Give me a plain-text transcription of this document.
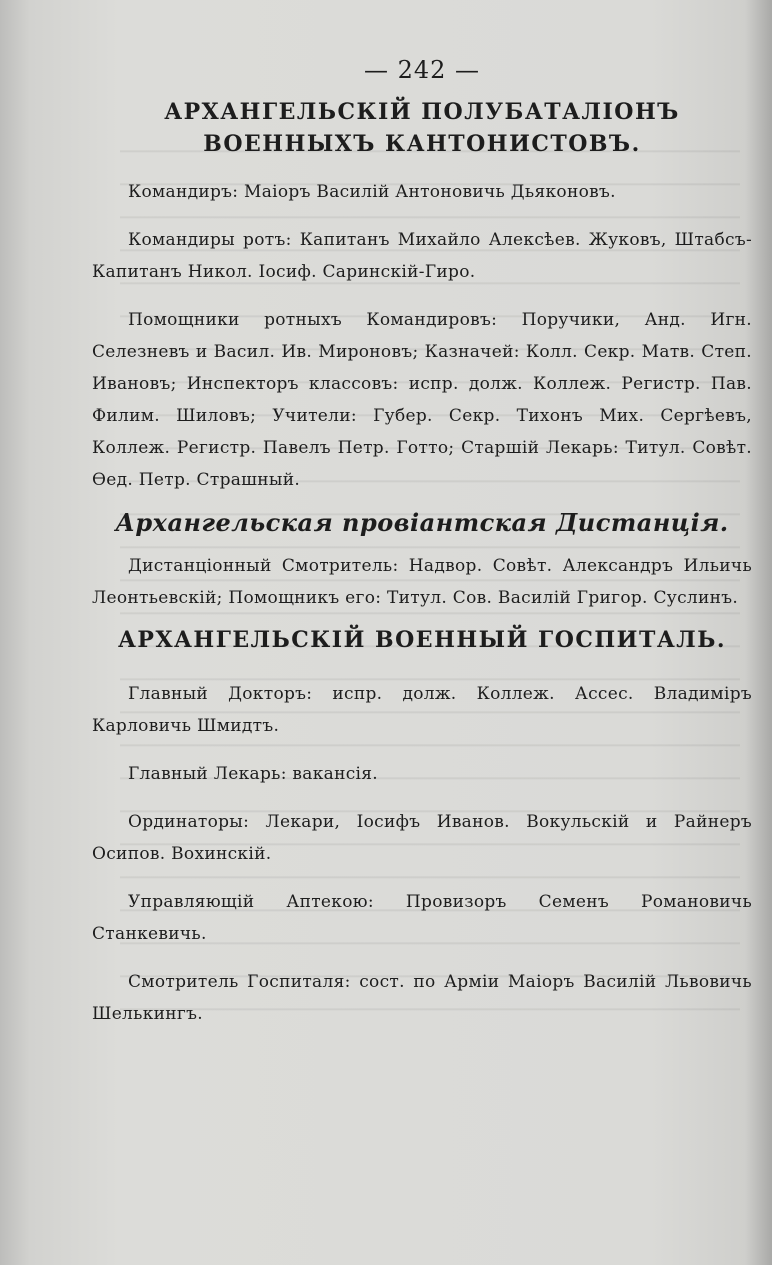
— 242 —
АРХАНГЕЛЬСКІЙ ПОЛУБАТАЛІОНЪ ВОЕННЫХЪ КАНТОНИСТОВЪ.

Командиръ: Маіоръ Василій Антоновичь Дьяконовъ.

Командиры ротъ: Капитанъ Михайло Алексѣев. Жуковъ, Штабсъ-Капитанъ Никол. Іосиф. Саринскій-Гиро.

Помощники ротныхъ Командировъ: Поручики, Анд. Игн. Селезневъ и Васил. Ив. Мироновъ; Казначей: Колл. Секр. Матв. Степ. Ивановъ; Инспекторъ классовъ: испр. долж. Коллеж. Регистр. Пав. Филим. Шиловъ; Учители: Губер. Секр. Тихонъ Мих. Сергѣевъ, Коллеж. Регистр. Павелъ Петр. Готто; Старшій Лекарь: Титул. Совѣт. Ѳед. Петр. Страшный.

Архангельская провіантская Дистанція.

Дистанціонный Смотритель: Надвор. Совѣт. Александръ Ильичь Леонтьевскій; Помощникъ его: Титул. Сов. Василій Григор. Суслинъ.

АРХАНГЕЛЬСКІЙ ВОЕННЫЙ ГОСПИТАЛЬ.

Главный Докторъ: испр. долж. Коллеж. Ассес. Владиміръ Карловичь Шмидтъ.

Главный Лекарь: вакансія.

Ординаторы: Лекари, Іосифъ Иванов. Вокульскій и Райнеръ Осипов. Вохинскій.

Управляющій Аптекою: Провизоръ Семенъ Романовичь Станкевичь.

Смотритель Госпиталя: сост. по Арміи Маіоръ Василій Львовичь Шелькингъ.
